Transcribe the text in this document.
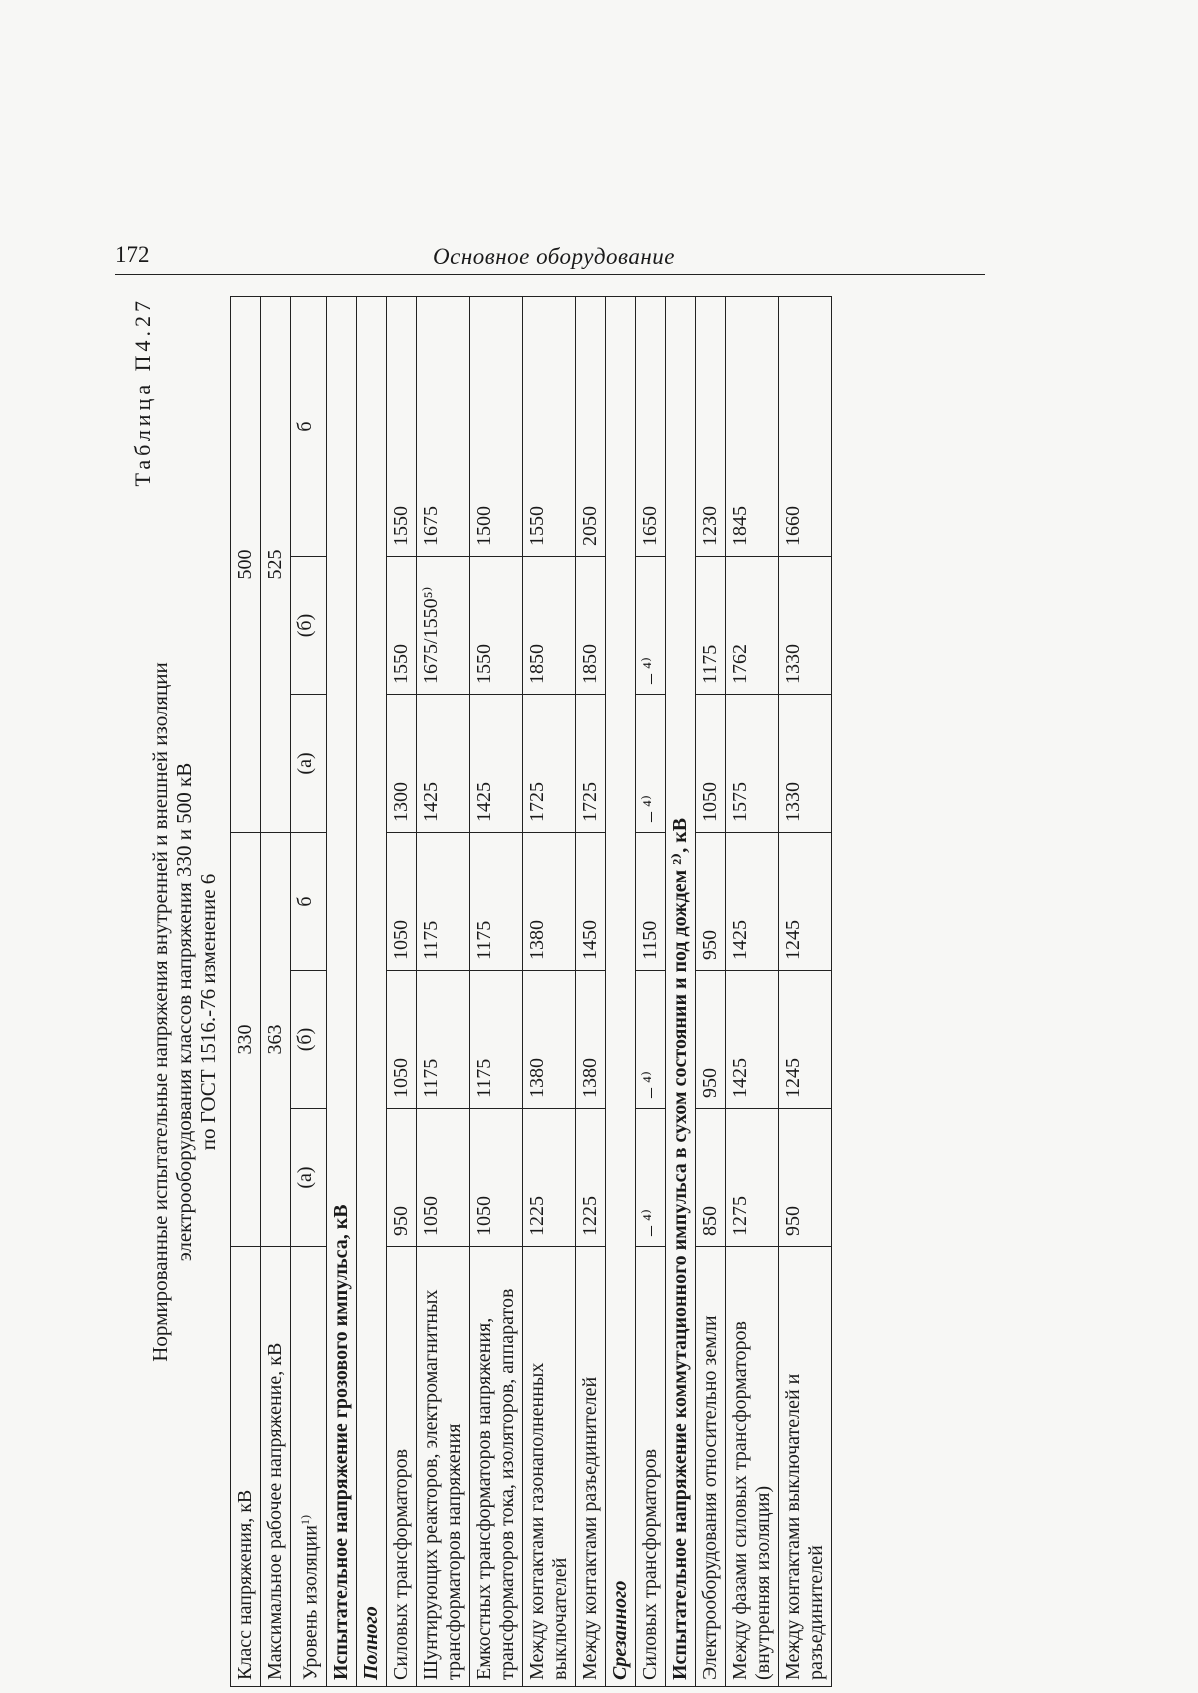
172	Основное оборудование
Таблица П4.27
Нормированные испытательные напряжения внутренней и внешней изоляции электрооборудования классов напряжения 330 и 500 кВ по ГОСТ 1516.-76 изменение 6
Класс напряжения, кВ	330			500		
Максимальное рабочее напряжение, кВ	363			525		
Уровень изоляции$^{1)}$	(а)	(б)	б	(а)	(б)	б
Испытательное напряжение грозового импульса, кВ						
Полного						
Силовых трансформаторов	950	1050	1050	1300	1550	1550
Шунтирующих реакторов, электромагнитных трансформаторов напряжения	1050	1175	1175	1425	1675/1550⁵⁾	1675
Емкостных трансформаторов напряжения, трансформаторов тока, изоляторов, аппаратов	1050	1175	1175	1425	1550	1500
Между контактами газонаполненных выключателей	1225	1380	1380	1725	1850	1550
Между контактами разъединителей	1225	1380	1450	1725	1850	2050
Срезанного						
Силовых трансформаторов	– ⁴⁾	– ⁴⁾	1150	– ⁴⁾	– ⁴⁾	1650
Испытательное напряжение коммутационного импульса в сухом состоянии и под дождем ²⁾, кВ						
Электрооборудования относительно земли	850	950	950	1050	1175	1230
Между фазами силовых трансформаторов (внутренняя изоляция)	1275	1425	1425	1575	1762	1845
Между контактами выключателей и разъединителей	950	1245	1245	1330	1330	1660
